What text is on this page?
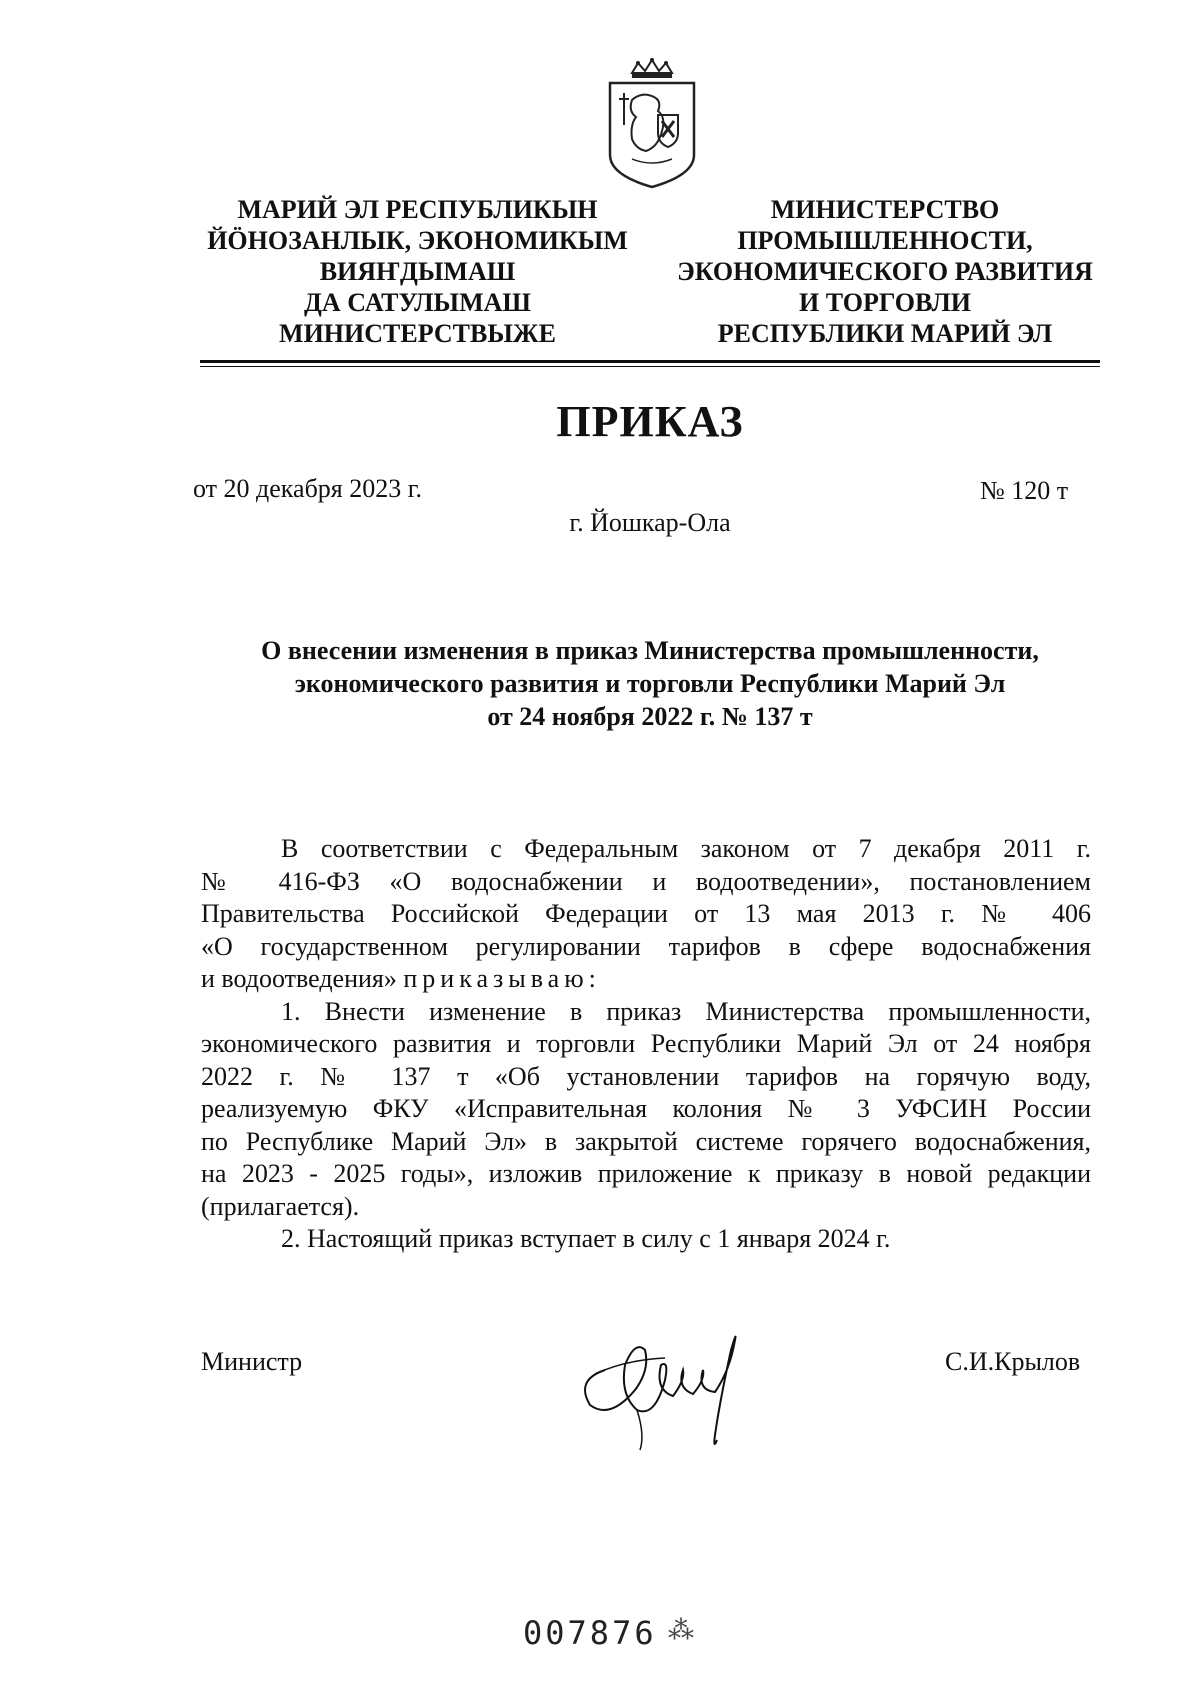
МАРИЙ ЭЛ РЕСПУБЛИКЫН
ЙӦНОЗАНЛЫК, ЭКОНОМИКЫМ
ВИЯҤДЫМАШ
ДА САТУЛЫМАШ
МИНИСТЕРСТВЫЖЕ
МИНИСТЕРСТВО
ПРОМЫШЛЕННОСТИ,
ЭКОНОМИЧЕСКОГО РАЗВИТИЯ
И ТОРГОВЛИ
РЕСПУБЛИКИ МАРИЙ ЭЛ
ПРИКАЗ
от 20 декабря 2023 г.	№ 120 т
г. Йошкар-Ола
О внесении изменения в приказ Министерства промышленности,
экономического развития и торговли Республики Марий Эл
от 24 ноября 2022 г. № 137 т
В соответствии с Федеральным законом от 7 декабря 2011 г.
№ 416-ФЗ «О водоснабжении и водоотведении», постановлением
Правительства Российской Федерации от 13 мая 2013 г. № 406
«О государственном регулировании тарифов в сфере водоснабжения
и водоотведения» приказываю:
1. Внести изменение в приказ Министерства промышленности,
экономического развития и торговли Республики Марий Эл от 24 ноября
2022 г. № 137 т «Об установлении тарифов на горячую воду,
реализуемую ФКУ «Исправительная колония № 3 УФСИН России
по Республике Марий Эл» в закрытой системе горячего водоснабжения,
на 2023 - 2025 годы», изложив приложение к приказу в новой редакции
(прилагается).
2. Настоящий приказ вступает в силу с 1 января 2024 г.
Министр	С.И.Крылов
007876 ⁂
